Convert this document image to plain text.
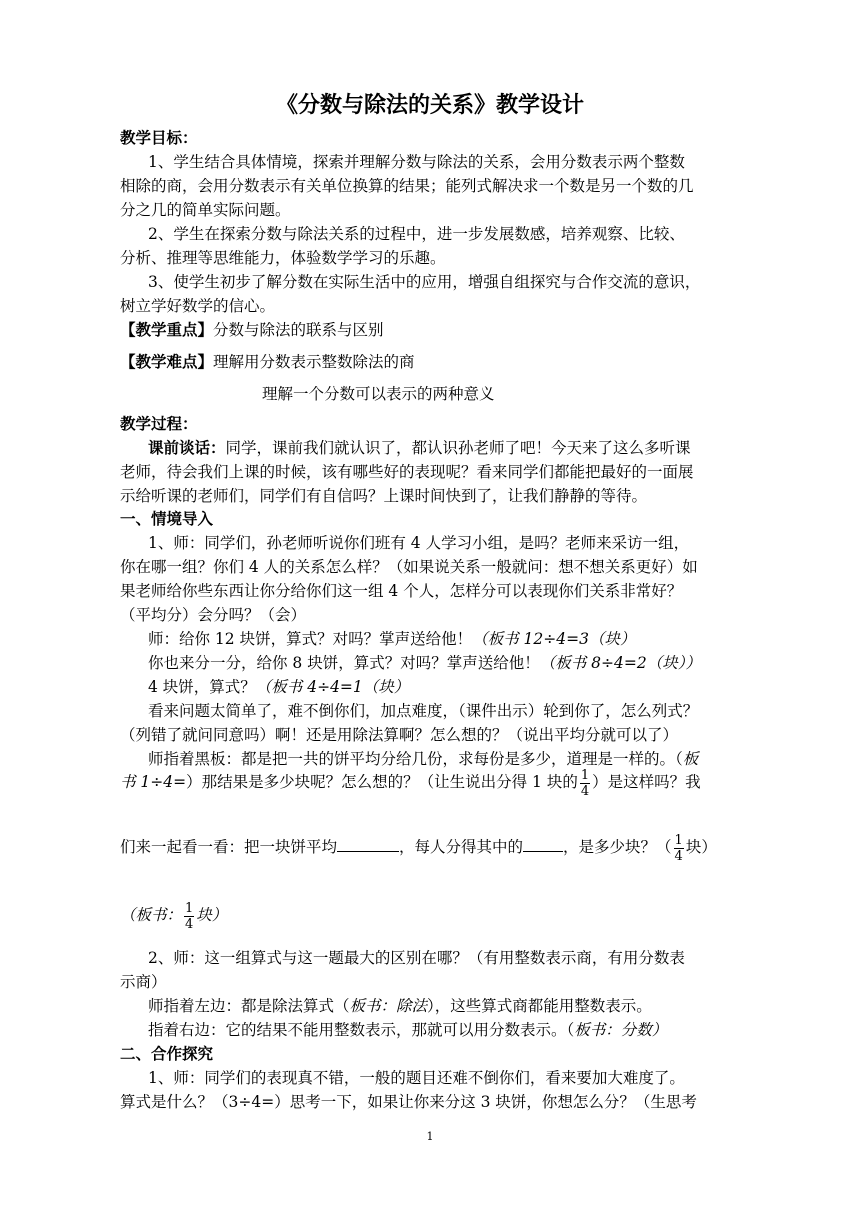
《分数与除法的关系》教学设计
教学目标：
1、学生结合具体情境，探索并理解分数与除法的关系，会用分数表示两个整数
相除的商，会用分数表示有关单位换算的结果；能列式解决求一个数是另一个数的几
分之几的简单实际问题。
2、学生在探索分数与除法关系的过程中，进一步发展数感，培养观察、比较、
分析、推理等思维能力，体验数学学习的乐趣。
3、使学生初步了解分数在实际生活中的应用，增强自组探究与合作交流的意识，
树立学好数学的信心。
【教学重点】分数与除法的联系与区别
【教学难点】理解用分数表示整数除法的商
理解一个分数可以表示的两种意义
教学过程：
课前谈话：同学，课前我们就认识了，都认识孙老师了吧！今天来了这么多听课
老师，待会我们上课的时候，该有哪些好的表现呢？看来同学们都能把最好的一面展
示给听课的老师们，同学们有自信吗？上课时间快到了，让我们静静的等待。
一、情境导入
1、师：同学们，孙老师听说你们班有 4 人学习小组，是吗？老师来采访一组，
你在哪一组？你们 4 人的关系怎么样？（如果说关系一般就问：想不想关系更好）如
果老师给你些东西让你分给你们这一组 4 个人，怎样分可以表现你们关系非常好？
（平均分）会分吗？（会）
师：给你 12 块饼，算式？对吗？掌声送给他！（板书 12÷4=3（块）
你也来分一分，给你 8 块饼，算式？对吗？掌声送给他！（板书 8÷4=2（块））
4 块饼，算式？（板书 4÷4=1（块）
看来问题太简单了，难不倒你们，加点难度，（课件出示）轮到你了，怎么列式？
（列错了就问同意吗）啊！还是用除法算啊？怎么想的？（说出平均分就可以了）
师指着黑板：都是把一共的饼平均分给几份，求每份是多少，道理是一样的。（板
书 1÷4=）那结果是多少块呢？怎么想的？（让生说出分得 1 块的 $\frac{1}{4}$ ）是这样吗？我
们来一起看一看：把一块饼平均	，每人分得其中的	，是多少块？（ $\frac{1}{4}$ 块）
（板书： $\frac{1}{4}$ 块）
2、师：这一组算式与这一题最大的区别在哪？（有用整数表示商，有用分数表
示商）
师指着左边：都是除法算式（板书：除法），这些算式商都能用整数表示。
指着右边：它的结果不能用整数表示，那就可以用分数表示。（板书：分数）
二、合作探究
1、师：同学们的表现真不错，一般的题目还难不倒你们，看来要加大难度了。
算式是什么？（3÷4=）思考一下，如果让你来分这 3 块饼，你想怎么分？（生思考
1
